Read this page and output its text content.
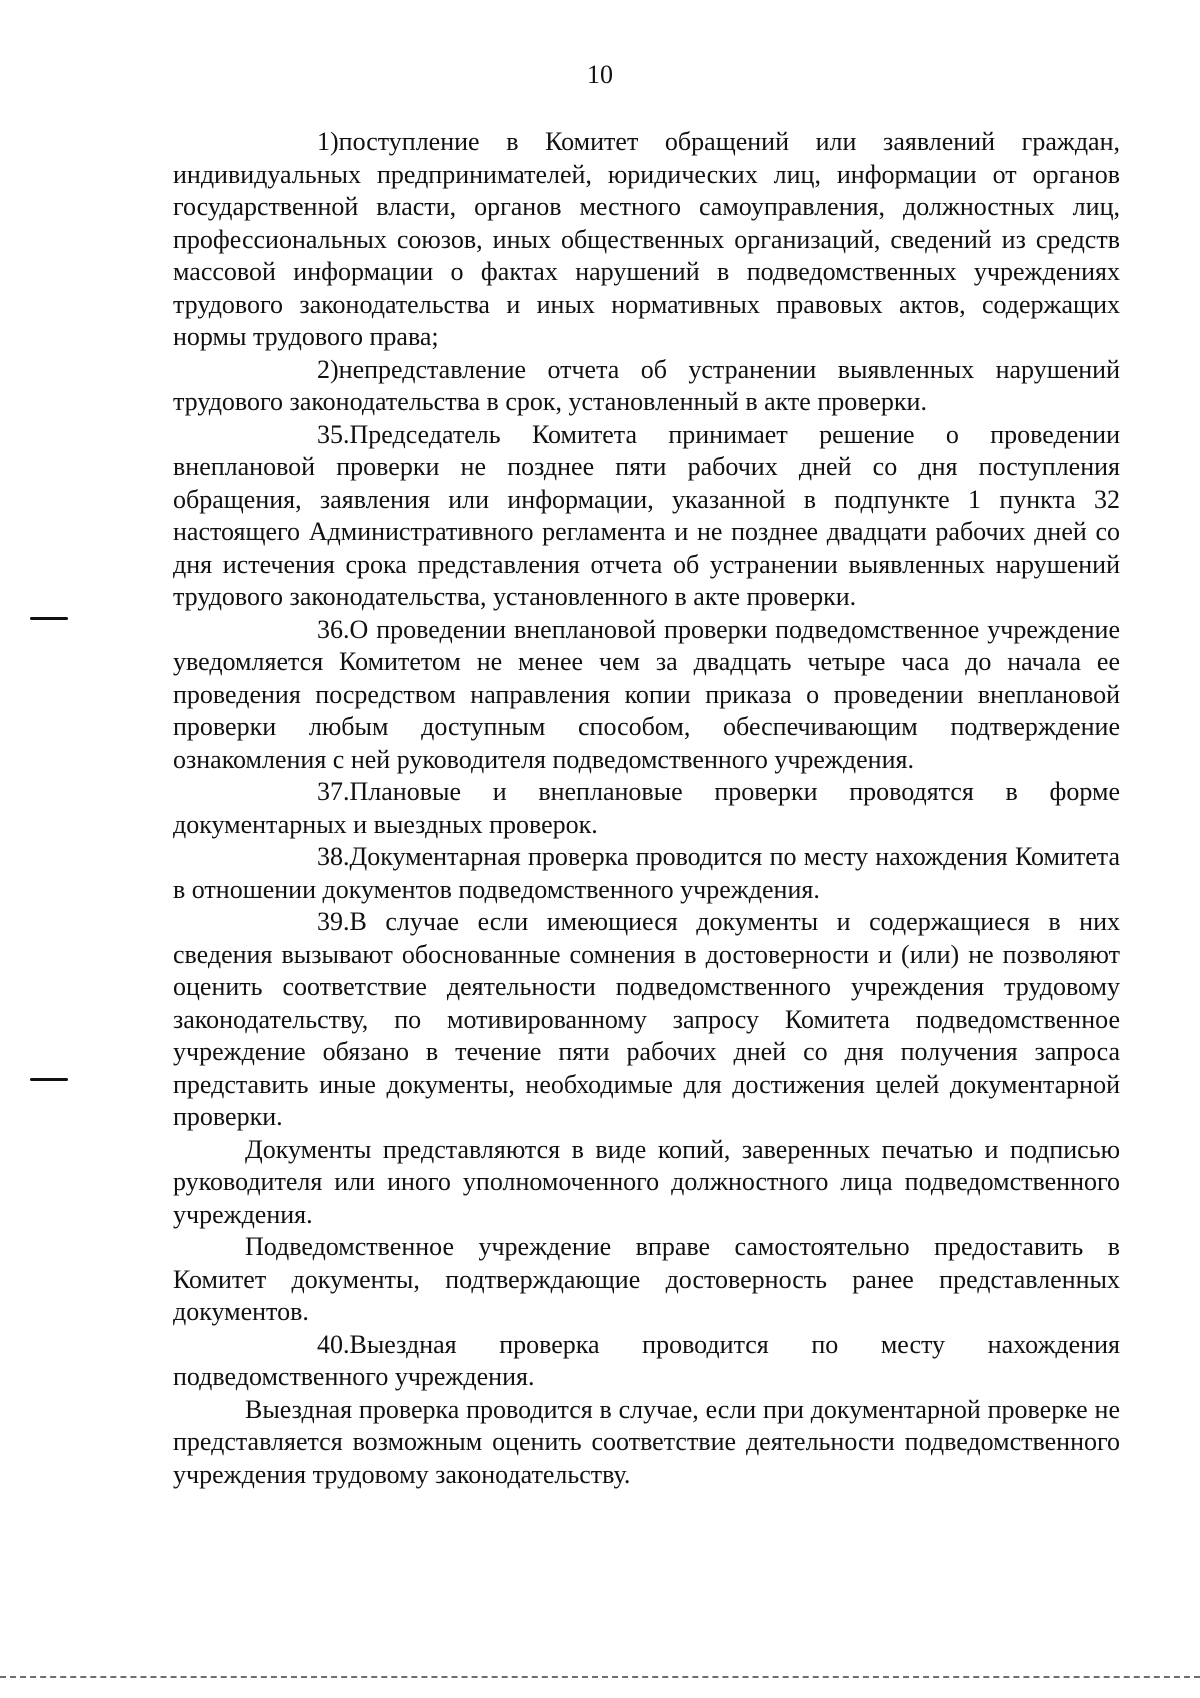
10

1)поступление в Комитет обращений или заявлений граждан, индивидуальных предпринимателей, юридических лиц, информации от органов государственной власти, органов местного самоуправления, должностных лиц, профессиональных союзов, иных общественных организаций, сведений из средств массовой информации о фактах нарушений в подведомственных учреждениях трудового законодательства и иных нормативных правовых актов, содержащих нормы трудового права;

2)непредставление отчета об устранении выявленных нарушений трудового законодательства в срок, установленный в акте проверки.

35.Председатель Комитета принимает решение о проведении внеплановой проверки не позднее пяти рабочих дней со дня поступления обращения, заявления или информации, указанной в подпункте 1 пункта 32 настоящего Административного регламента и не позднее двадцати рабочих дней со дня истечения срока представления отчета об устранении выявленных нарушений трудового законодательства, установленного в акте проверки.

36.О проведении внеплановой проверки подведомственное учреждение уведомляется Комитетом не менее чем за двадцать четыре часа до начала ее проведения посредством направления копии приказа о проведении внеплановой проверки любым доступным способом, обеспечивающим подтверждение ознакомления с ней руководителя подведомственного учреждения.

37.Плановые и внеплановые проверки проводятся в форме документарных и выездных проверок.

38.Документарная проверка проводится по месту нахождения Комитета в отношении документов подведомственного учреждения.

39.В случае если имеющиеся документы и содержащиеся в них сведения вызывают обоснованные сомнения в достоверности и (или) не позволяют оценить соответствие деятельности подведомственного учреждения трудовому законодательству, по мотивированному запросу Комитета подведомственное учреждение обязано в течение пяти рабочих дней со дня получения запроса представить иные документы, необходимые для достижения целей документарной проверки.

Документы представляются в виде копий, заверенных печатью и подписью руководителя или иного уполномоченного должностного лица подведомственного учреждения.

Подведомственное учреждение вправе самостоятельно предоставить в Комитет документы, подтверждающие достоверность ранее представленных документов.

40.Выездная проверка проводится по месту нахождения подведомственного учреждения.

Выездная проверка проводится в случае, если при документарной проверке не представляется возможным оценить соответствие деятельности подведомственного учреждения трудовому законодательству.
